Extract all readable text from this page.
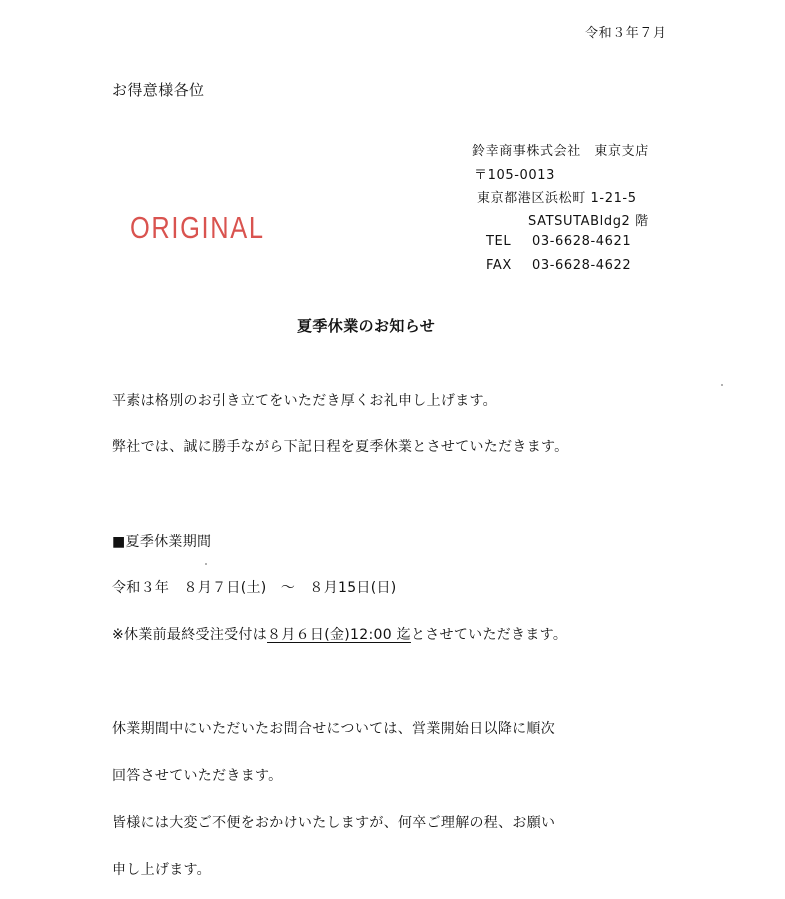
令和３年７月
お得意様各位
鈴幸商事株式会社　東京支店
〒105-0013
東京都港区浜松町 1-21-5
SATSUTABldg2 階
TEL 03-6628-4621
FAX 03-6628-4622
ORIGINAL
夏季休業のお知らせ
平素は格別のお引き立てをいただき厚くお礼申し上げます。
弊社では、誠に勝手ながら下記日程を夏季休業とさせていただきます。
■夏季休業期間
令和３年　８月７日(土)　～　８月15日(日)
※休業前最終受注受付は８月６日(金)12:00 迄とさせていただきます。
休業期間中にいただいたお問合せについては、営業開始日以降に順次
回答させていただきます。
皆様には大変ご不便をおかけいたしますが、何卒ご理解の程、お願い
申し上げます。
